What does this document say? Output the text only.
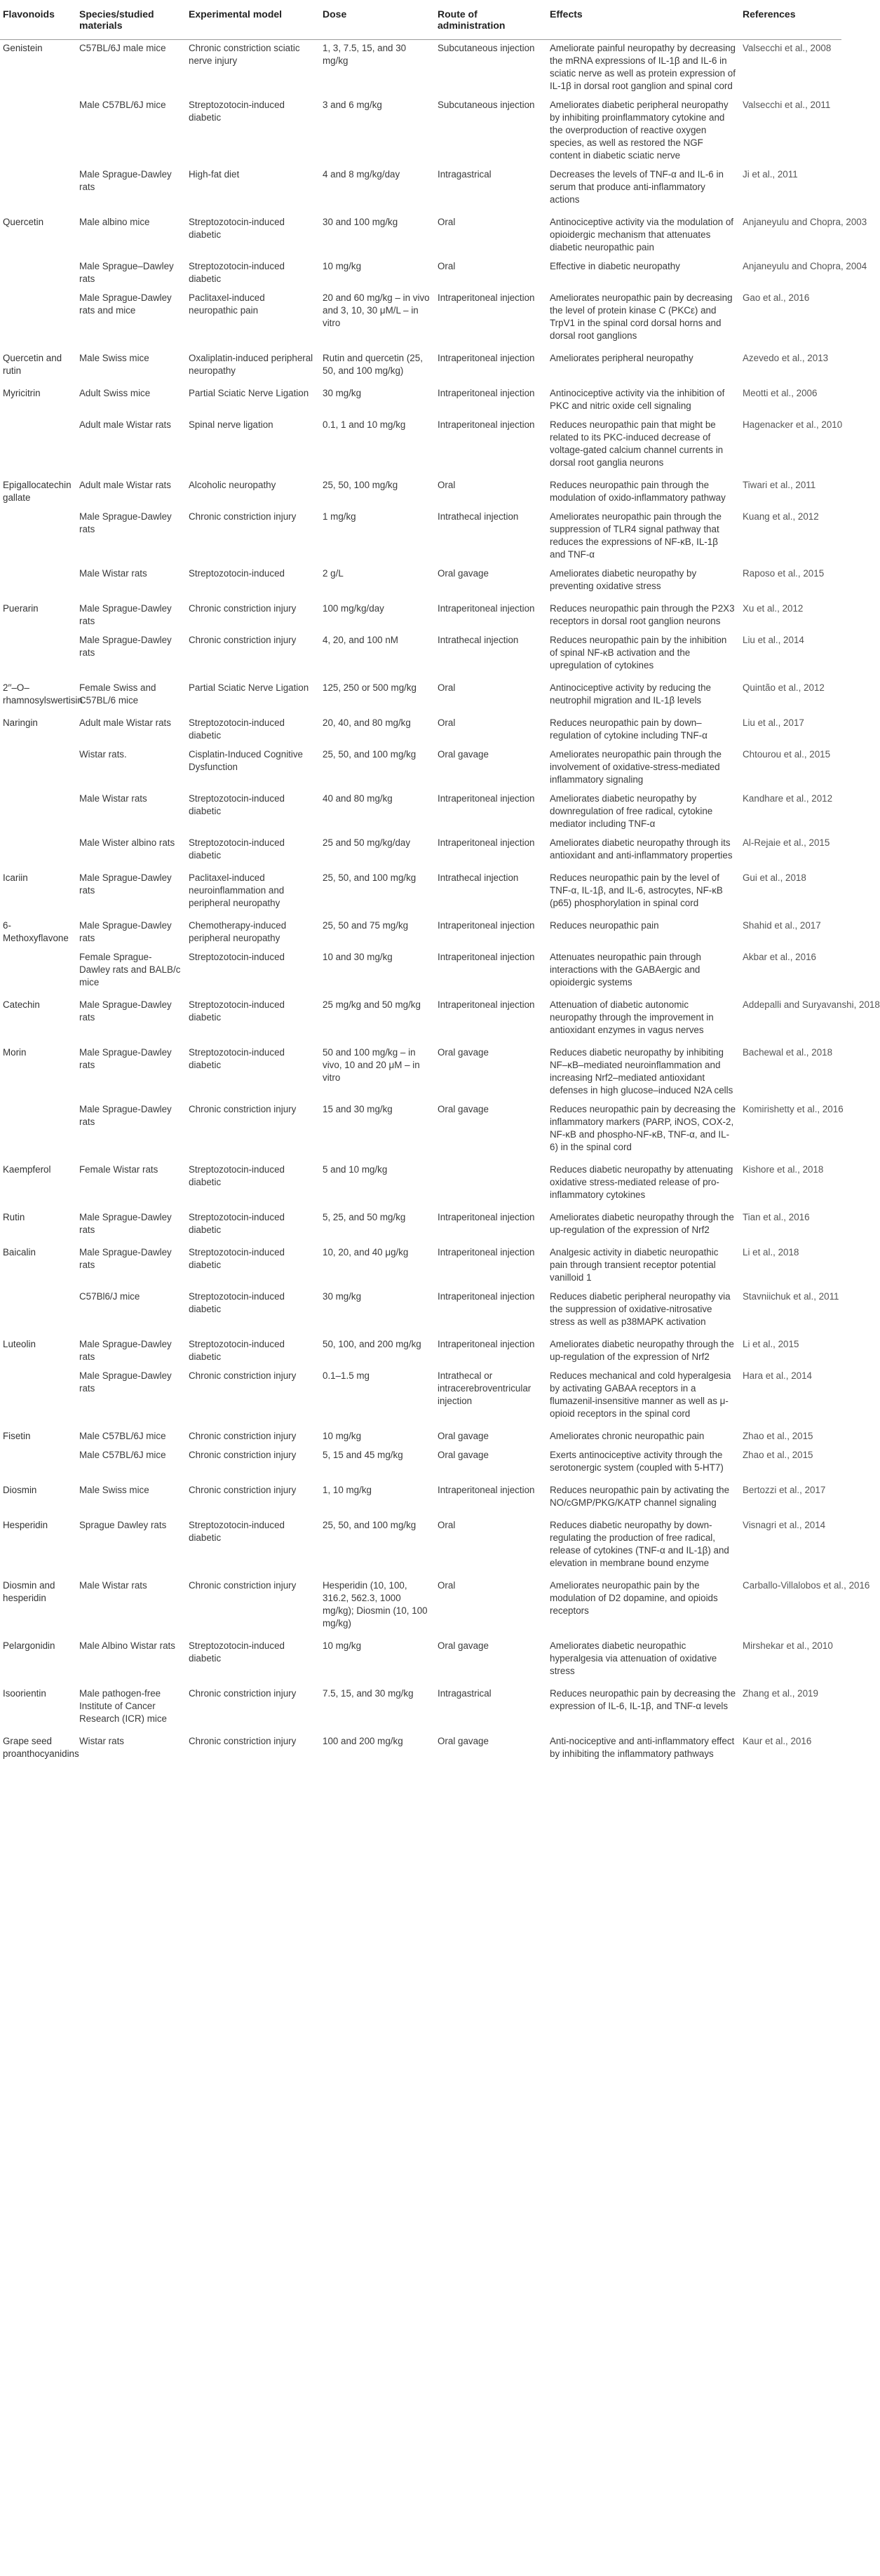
Flavonoids	Species/studied materials	Experimental model	Dose	Route of administration	Effects	References
Genistein	C57BL/6J male mice	Chronic constriction sciatic nerve injury	1, 3, 7.5, 15, and 30 mg/kg	Subcutaneous injection	Ameliorate painful neuropathy by decreasing the mRNA expressions of IL-1β and IL-6 in sciatic nerve as well as protein expression of IL-1β in dorsal root ganglion and spinal cord	Valsecchi et al., 2008
	Male C57BL/6J mice	Streptozotocin-induced diabetic	3 and 6 mg/kg	Subcutaneous injection	Ameliorates diabetic peripheral neuropathy by inhibiting proinflammatory cytokine and the overproduction of reactive oxygen species, as well as restored the NGF content in diabetic sciatic nerve	Valsecchi et al., 2011
	Male Sprague-Dawley rats	High-fat diet	4 and 8 mg/kg/day	Intragastrical	Decreases the levels of TNF-α and IL-6 in serum that produce anti-inflammatory actions	Ji et al., 2011
Quercetin	Male albino mice	Streptozotocin-induced diabetic	30 and 100 mg/kg	Oral	Antinociceptive activity via the modulation of opioidergic mechanism that attenuates diabetic neuropathic pain	Anjaneyulu and Chopra, 2003
	Male Sprague–Dawley rats	Streptozotocin-induced diabetic	10 mg/kg	Oral	Effective in diabetic neuropathy	Anjaneyulu and Chopra, 2004
	Male Sprague-Dawley rats and mice	Paclitaxel-induced neuropathic pain	20 and 60 mg/kg – in vivo and 3, 10, 30 μM/L – in vitro	Intraperitoneal injection	Ameliorates neuropathic pain by decreasing the level of protein kinase C (PKCε) and TrpV1 in the spinal cord dorsal horns and dorsal root ganglions	Gao et al., 2016
Quercetin and rutin	Male Swiss mice	Oxaliplatin-induced peripheral neuropathy	Rutin and quercetin (25, 50, and 100 mg/kg)	Intraperitoneal injection	Ameliorates peripheral neuropathy	Azevedo et al., 2013
Myricitrin	Adult Swiss mice	Partial Sciatic Nerve Ligation	30 mg/kg	Intraperitoneal injection	Antinociceptive activity via the inhibition of PKC and nitric oxide cell signaling	Meotti et al., 2006
	Adult male Wistar rats	Spinal nerve ligation	0.1, 1 and 10 mg/kg	Intraperitoneal injection	Reduces neuropathic pain that might be related to its PKC-induced decrease of voltage-gated calcium channel currents in dorsal root ganglia neurons	Hagenacker et al., 2010
Epigallocatechin gallate	Adult male Wistar rats	Alcoholic neuropathy	25, 50, 100 mg/kg	Oral	Reduces neuropathic pain through the modulation of oxido-inflammatory pathway	Tiwari et al., 2011
	Male Sprague-Dawley rats	Chronic constriction injury	1 mg/kg	Intrathecal injection	Ameliorates neuropathic pain through the suppression of TLR4 signal pathway that reduces the expressions of NF-κB, IL-1β and TNF-α	Kuang et al., 2012
	Male Wistar rats	Streptozotocin-induced	2 g/L	Oral gavage	Ameliorates diabetic neuropathy by preventing oxidative stress	Raposo et al., 2015
Puerarin	Male Sprague-Dawley rats	Chronic constriction injury	100 mg/kg/day	Intraperitoneal injection	Reduces neuropathic pain through the P2X3 receptors in dorsal root ganglion neurons	Xu et al., 2012
	Male Sprague-Dawley rats	Chronic constriction injury	4, 20, and 100 nM	Intrathecal injection	Reduces neuropathic pain by the inhibition of spinal NF-κB activation and the upregulation of cytokines	Liu et al., 2014
2′′–O–rhamnosylswertisin	Female Swiss and C57BL/6 mice	Partial Sciatic Nerve Ligation	125, 250 or 500 mg/kg	Oral	Antinociceptive activity by reducing the neutrophil migration and IL-1β levels	Quintão et al., 2012
Naringin	Adult male Wistar rats	Streptozotocin-induced diabetic	20, 40, and 80 mg/kg	Oral	Reduces neuropathic pain by down–regulation of cytokine including TNF-α	Liu et al., 2017
	Wistar rats.	Cisplatin-Induced Cognitive Dysfunction	25, 50, and 100 mg/kg	Oral gavage	Ameliorates neuropathic pain through the involvement of oxidative-stress-mediated inflammatory signaling	Chtourou et al., 2015
	Male Wistar rats	Streptozotocin-induced diabetic	40 and 80 mg/kg	Intraperitoneal injection	Ameliorates diabetic neuropathy by downregulation of free radical, cytokine mediator including TNF-α	Kandhare et al., 2012
	Male Wister albino rats	Streptozotocin-induced diabetic	25 and 50 mg/kg/day	Intraperitoneal injection	Ameliorates diabetic neuropathy through its antioxidant and anti-inflammatory properties	Al-Rejaie et al., 2015
Icariin	Male Sprague-Dawley rats	Paclitaxel-induced neuroinflammation and peripheral neuropathy	25, 50, and 100 mg/kg	Intrathecal injection	Reduces neuropathic pain by the level of TNF-α, IL-1β, and IL-6, astrocytes, NF-κB (p65) phosphorylation in spinal cord	Gui et al., 2018
6-Methoxyflavone	Male Sprague-Dawley rats	Chemotherapy-induced peripheral neuropathy	25, 50 and 75 mg/kg	Intraperitoneal injection	Reduces neuropathic pain	Shahid et al., 2017
	Female Sprague-Dawley rats and BALB/c mice	Streptozotocin-induced	10 and 30 mg/kg	Intraperitoneal injection	Attenuates neuropathic pain through interactions with the GABAergic and opioidergic systems	Akbar et al., 2016
Catechin	Male Sprague-Dawley rats	Streptozotocin-induced diabetic	25 mg/kg and 50 mg/kg	Intraperitoneal injection	Attenuation of diabetic autonomic neuropathy through the improvement in antioxidant enzymes in vagus nerves	Addepalli and Suryavanshi, 2018
Morin	Male Sprague-Dawley rats	Streptozotocin-induced diabetic	50 and 100 mg/kg – in vivo, 10 and 20 μM – in vitro	Oral gavage	Reduces diabetic neuropathy by inhibiting NF–κB–mediated neuroinflammation and increasing Nrf2–mediated antioxidant defenses in high glucose–induced N2A cells	Bachewal et al., 2018
	Male Sprague-Dawley rats	Chronic constriction injury	15 and 30 mg/kg	Oral gavage	Reduces neuropathic pain by decreasing the inflammatory markers (PARP, iNOS, COX-2, NF-κB and phospho-NF-κB, TNF-α, and IL-6) in the spinal cord	Komirishetty et al., 2016
Kaempferol	Female Wistar rats	Streptozotocin-induced diabetic	5 and 10 mg/kg		Reduces diabetic neuropathy by attenuating oxidative stress-mediated release of pro-inflammatory cytokines	Kishore et al., 2018
Rutin	Male Sprague-Dawley rats	Streptozotocin-induced diabetic	5, 25, and 50 mg/kg	Intraperitoneal injection	Ameliorates diabetic neuropathy through the up-regulation of the expression of Nrf2	Tian et al., 2016
Baicalin	Male Sprague-Dawley rats	Streptozotocin-induced diabetic	10, 20, and 40 μg/kg	Intraperitoneal injection	Analgesic activity in diabetic neuropathic pain through transient receptor potential vanilloid 1	Li et al., 2018
	C57Bl6/J mice	Streptozotocin-induced diabetic	30 mg/kg	Intraperitoneal injection	Reduces diabetic peripheral neuropathy via the suppression of oxidative-nitrosative stress as well as p38MAPK activation	Stavniichuk et al., 2011
Luteolin	Male Sprague-Dawley rats	Streptozotocin-induced diabetic	50, 100, and 200 mg/kg	Intraperitoneal injection	Ameliorates diabetic neuropathy through the up-regulation of the expression of Nrf2	Li et al., 2015
	Male Sprague-Dawley rats	Chronic constriction injury	0.1–1.5 mg	Intrathecal or intracerebroventricular injection	Reduces mechanical and cold hyperalgesia by activating GABAA receptors in a flumazenil-insensitive manner as well as μ-opioid receptors in the spinal cord	Hara et al., 2014
Fisetin	Male C57BL/6J mice	Chronic constriction injury	10 mg/kg	Oral gavage	Ameliorates chronic neuropathic pain	Zhao et al., 2015
	Male C57BL/6J mice	Chronic constriction injury	5, 15 and 45 mg/kg	Oral gavage	Exerts antinociceptive activity through the serotonergic system (coupled with 5-HT7)	Zhao et al., 2015
Diosmin	Male Swiss mice	Chronic constriction injury	1, 10 mg/kg	Intraperitoneal injection	Reduces neuropathic pain by activating the NO/cGMP/PKG/KATP channel signaling	Bertozzi et al., 2017
Hesperidin	Sprague Dawley rats	Streptozotocin-induced diabetic	25, 50, and 100 mg/kg	Oral	Reduces diabetic neuropathy by down-regulating the production of free radical, release of cytokines (TNF-α and IL-1β) and elevation in membrane bound enzyme	Visnagri et al., 2014
Diosmin and hesperidin	Male Wistar rats	Chronic constriction injury	Hesperidin (10, 100, 316.2, 562.3, 1000 mg/kg); Diosmin (10, 100 mg/kg)	Oral	Ameliorates neuropathic pain by the modulation of D2 dopamine, and opioids receptors	Carballo-Villalobos et al., 2016
Pelargonidin	Male Albino Wistar rats	Streptozotocin-induced diabetic	10 mg/kg	Oral gavage	Ameliorates diabetic neuropathic hyperalgesia via attenuation of oxidative stress	Mirshekar et al., 2010
Isoorientin	Male pathogen-free Institute of Cancer Research (ICR) mice	Chronic constriction injury	7.5, 15, and 30 mg/kg	Intragastrical	Reduces neuropathic pain by decreasing the expression of IL-6, IL-1β, and TNF-α levels	Zhang et al., 2019
Grape seed proanthocyanidins	Wistar rats	Chronic constriction injury	100 and 200 mg/kg	Oral gavage	Anti-nociceptive and anti-inflammatory effect by inhibiting the inflammatory pathways	Kaur et al., 2016
